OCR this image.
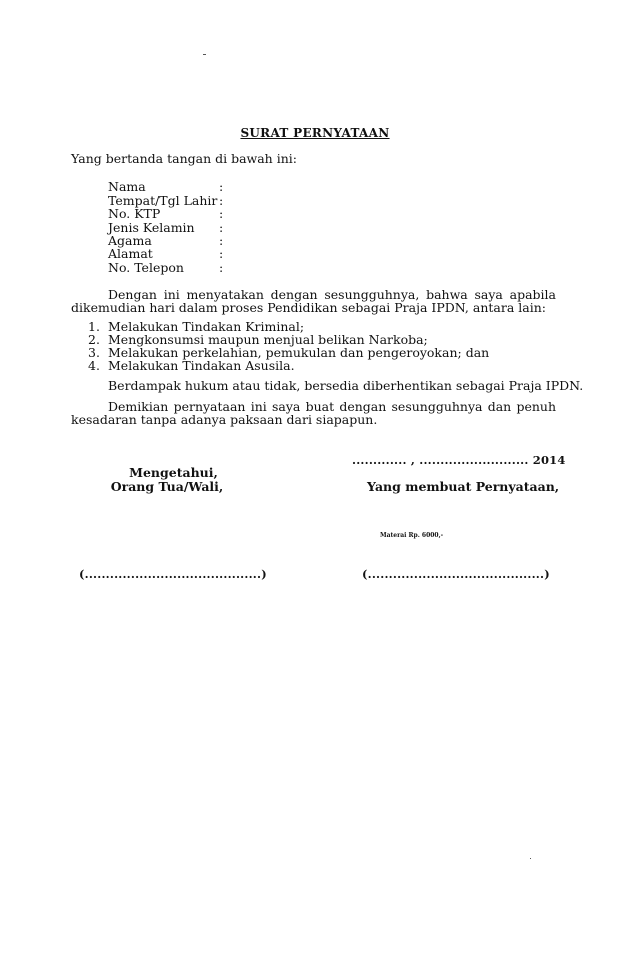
SURAT PERNYATAAN
Yang bertanda tangan di bawah ini:
Nama	:
Tempat/Tgl Lahir :
No. KTP	:
Jenis Kelamin :
Agama	:
Alamat	:
No. Telepon	:
Dengan ini menyatakan dengan sesungguhnya, bahwa saya apabila
dikemudian hari dalam proses Pendidikan sebagai Praja IPDN, antara lain:
1. Melakukan Tindakan Kriminal;
2. Mengkonsumsi maupun menjual belikan Narkoba;
3. Melakukan perkelahian, pemukulan dan pengeroyokan; dan
4. Melakukan Tindakan Asusila.
Berdampak hukum atau tidak, bersedia diberhentikan sebagai Praja IPDN.
Demikian pernyataan ini saya buat dengan sesungguhnya dan penuh
kesadaran tanpa adanya paksaan dari siapapun.
............. , .......................... 2014
Mengetahui,
Orang Tua/Wali,	Yang membuat Pernyataan,
Materai Rp. 6000,-
(..........................................)	(..........................................)
